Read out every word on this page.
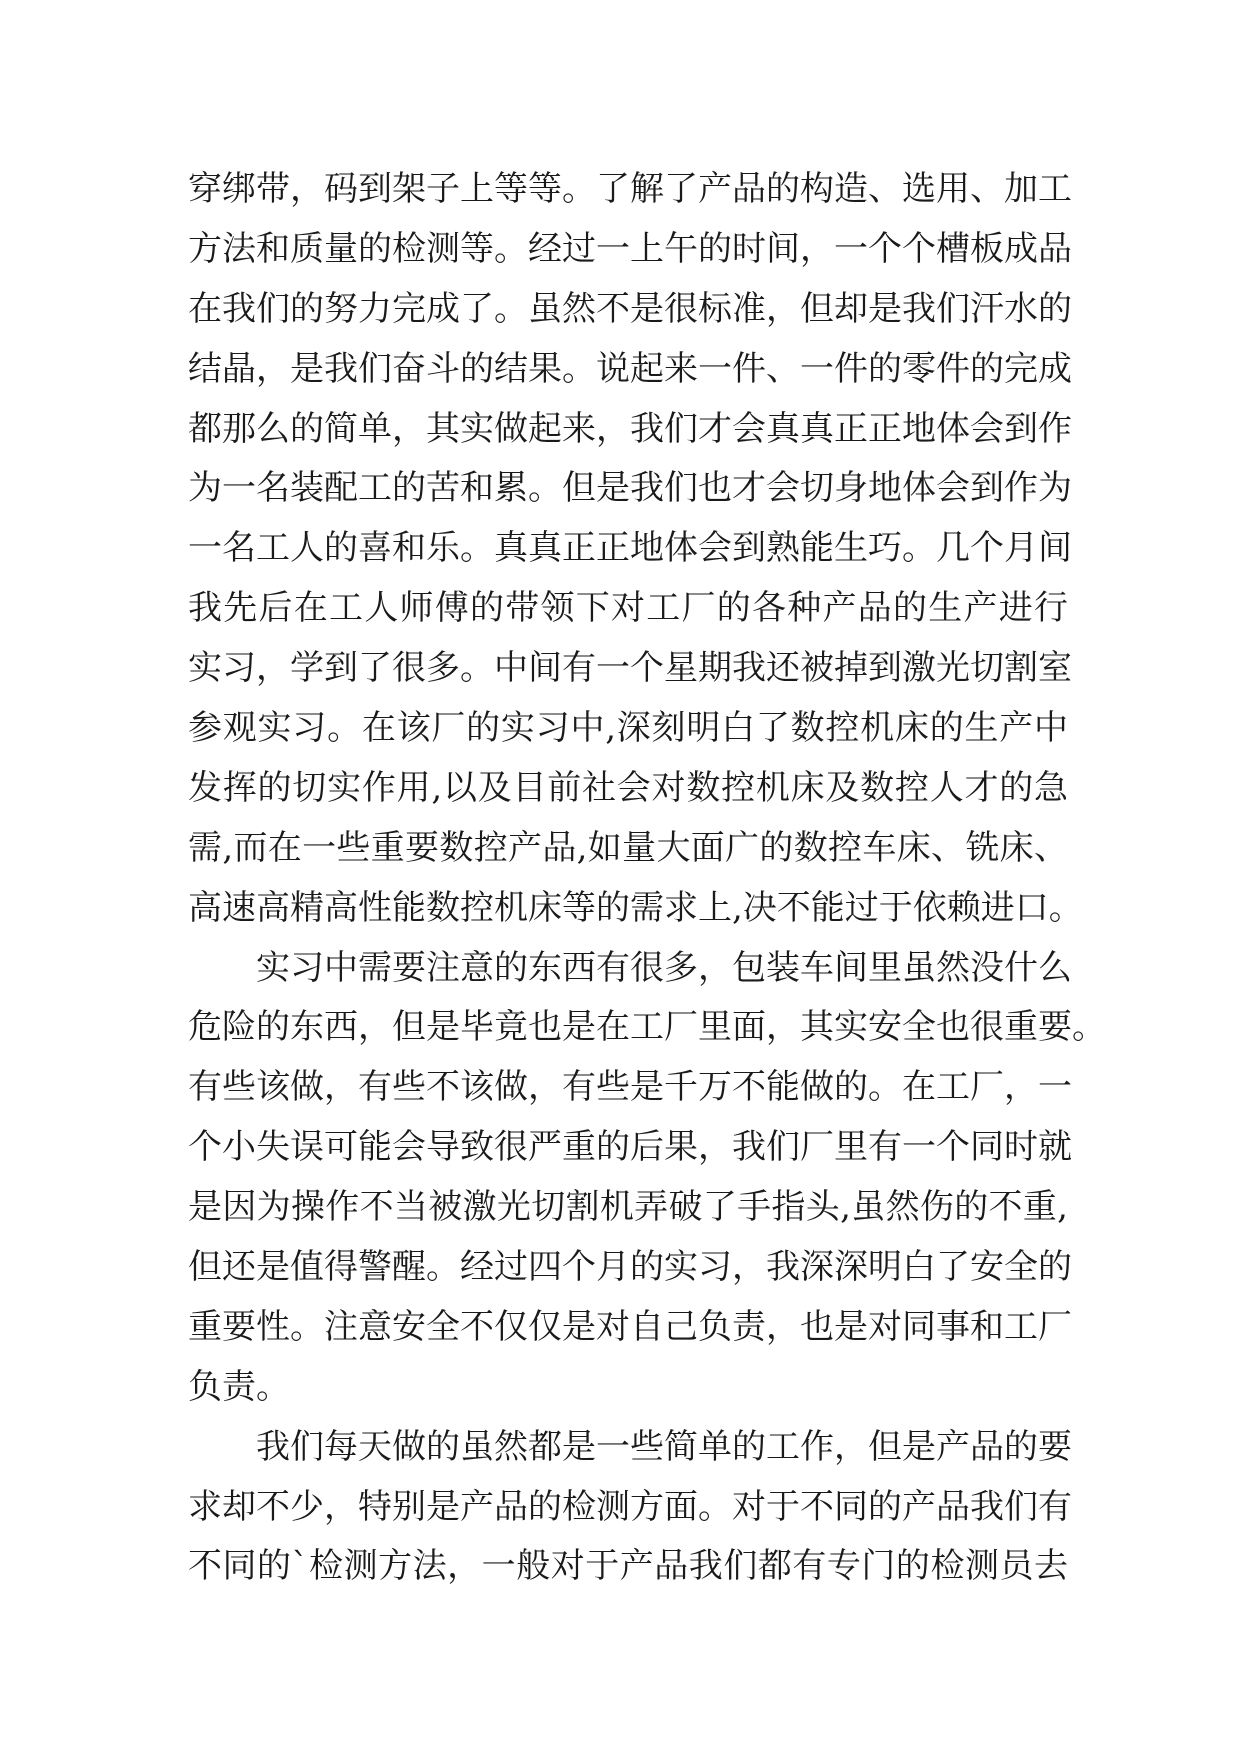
穿绑带，码到架子上等等。了解了产品的构造、选用、加工
方法和质量的检测等。经过一上午的时间，一个个槽板成品
在我们的努力完成了。虽然不是很标准，但却是我们汗水的
结晶，是我们奋斗的结果。说起来一件、一件的零件的完成
都那么的简单，其实做起来，我们才会真真正正地体会到作
为一名装配工的苦和累。但是我们也才会切身地体会到作为
一名工人的喜和乐。真真正正地体会到熟能生巧。几个月间
我先后在工人师傅的带领下对工厂的各种产品的生产进行
实习，学到了很多。中间有一个星期我还被掉到激光切割室
参观实习。在该厂的实习中,深刻明白了数控机床的生产中
发挥的切实作用,以及目前社会对数控机床及数控人才的急
需,而在一些重要数控产品,如量大面广的数控车床、铣床、
高速高精高性能数控机床等的需求上,决不能过于依赖进口。
实习中需要注意的东西有很多，包装车间里虽然没什么
危险的东西，但是毕竟也是在工厂里面，其实安全也很重要。
有些该做，有些不该做，有些是千万不能做的。在工厂，一
个小失误可能会导致很严重的后果，我们厂里有一个同时就
是因为操作不当被激光切割机弄破了手指头,虽然伤的不重,
但还是值得警醒。经过四个月的实习，我深深明白了安全的
重要性。注意安全不仅仅是对自己负责，也是对同事和工厂
负责。
我们每天做的虽然都是一些简单的工作，但是产品的要
求却不少，特别是产品的检测方面。对于不同的产品我们有
不同的`检测方法，一般对于产品我们都有专门的检测员去
